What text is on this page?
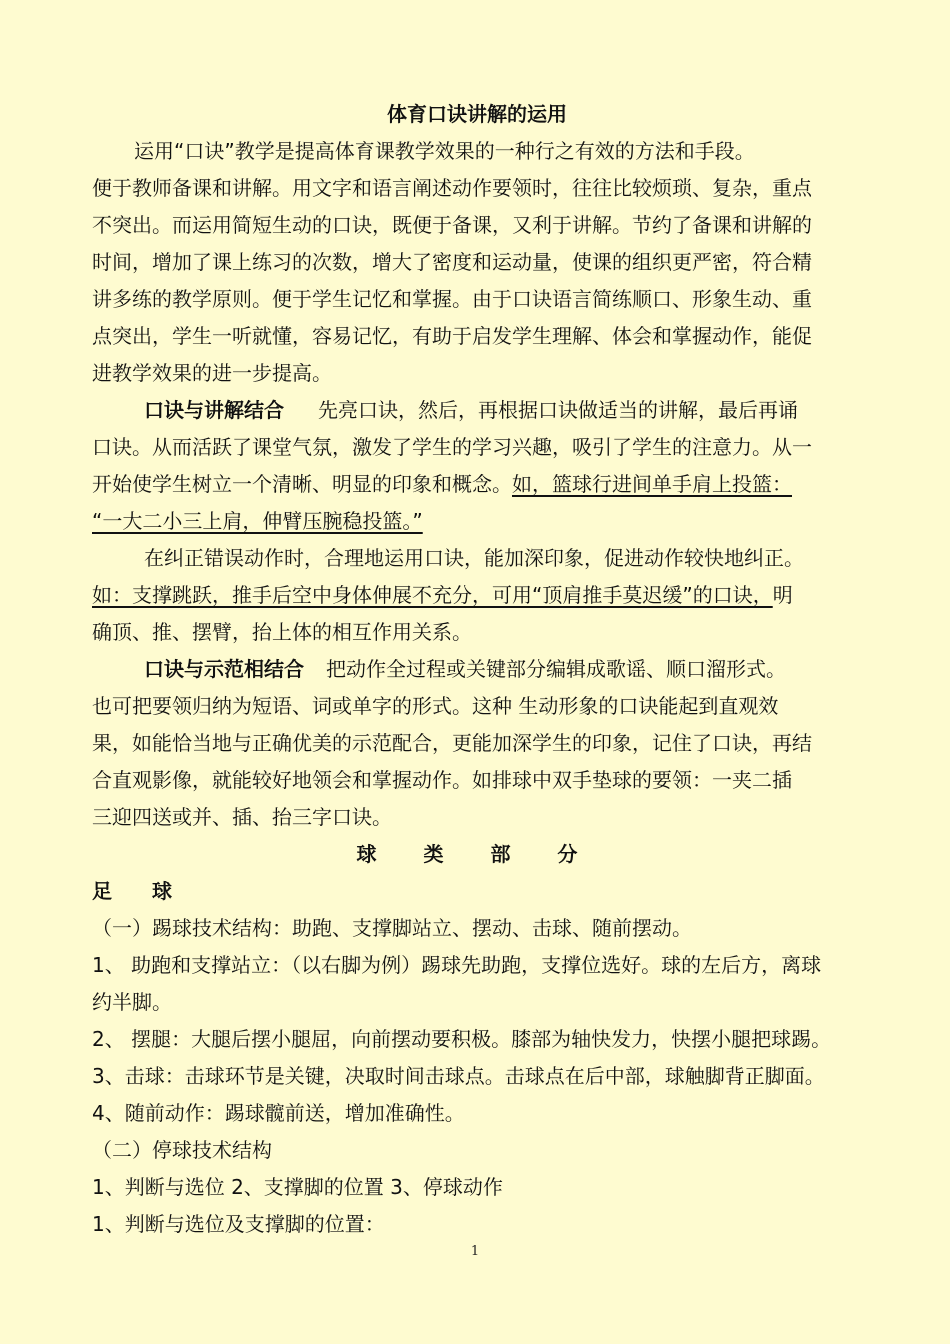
体育口诀讲解的运用
运用“口诀”教学是提高体育课教学效果的一种行之有效的方法和手段。
便于教师备课和讲解。用文字和语言阐述动作要领时，往往比较烦琐、复杂，重点
不突出。而运用简短生动的口诀，既便于备课，又利于讲解。节约了备课和讲解的
时间，增加了课上练习的次数，增大了密度和运动量，使课的组织更严密，符合精
讲多练的教学原则。便于学生记忆和掌握。由于口诀语言简练顺口、形象生动、重
点突出，学生一听就懂，容易记忆，有助于启发学生理解、体会和掌握动作，能促
进教学效果的进一步提高。
口诀与讲解结合 先亮口诀，然后，再根据口诀做适当的讲解，最后再诵
口诀。从而活跃了课堂气氛，激发了学生的学习兴趣，吸引了学生的注意力。从一
开始使学生树立一个清晰、明显的印象和概念。如，篮球行进间单手肩上投篮：
“一大二小三上肩，伸臂压腕稳投篮。”
在纠正错误动作时，合理地运用口诀，能加深印象，促进动作较快地纠正。
如：支撑跳跃，推手后空中身体伸展不充分，可用“顶肩推手莫迟缓”的口诀，明
确顶、推、摆臂，抬上体的相互作用关系。
口诀与示范相结合 把动作全过程或关键部分编辑成歌谣、顺口溜形式。
也可把要领归纳为短语、词或单字的形式。这种 生动形象的口诀能起到直观效
果，如能恰当地与正确优美的示范配合，更能加深学生的印象，记住了口诀，再结
合直观影像，就能较好地领会和掌握动作。如排球中双手垫球的要领：一夹二插
三迎四送或并、插、抬三字口诀。
球 类 部 分
足　　球
（一）踢球技术结构：助跑、支撑脚站立、摆动、击球、随前摆动。
1、 助跑和支撑站立：（以右脚为例）踢球先助跑，支撑位选好。球的左后方，离球
约半脚。
2、 摆腿：大腿后摆小腿屈，向前摆动要积极。膝部为轴快发力，快摆小腿把球踢。
3、击球：击球环节是关键，决取时间击球点。击球点在后中部，球触脚背正脚面。
4、随前动作：踢球髋前送，增加准确性。
（二）停球技术结构
1、判断与选位 2、支撑脚的位置 3、停球动作
1、判断与选位及支撑脚的位置：
1
